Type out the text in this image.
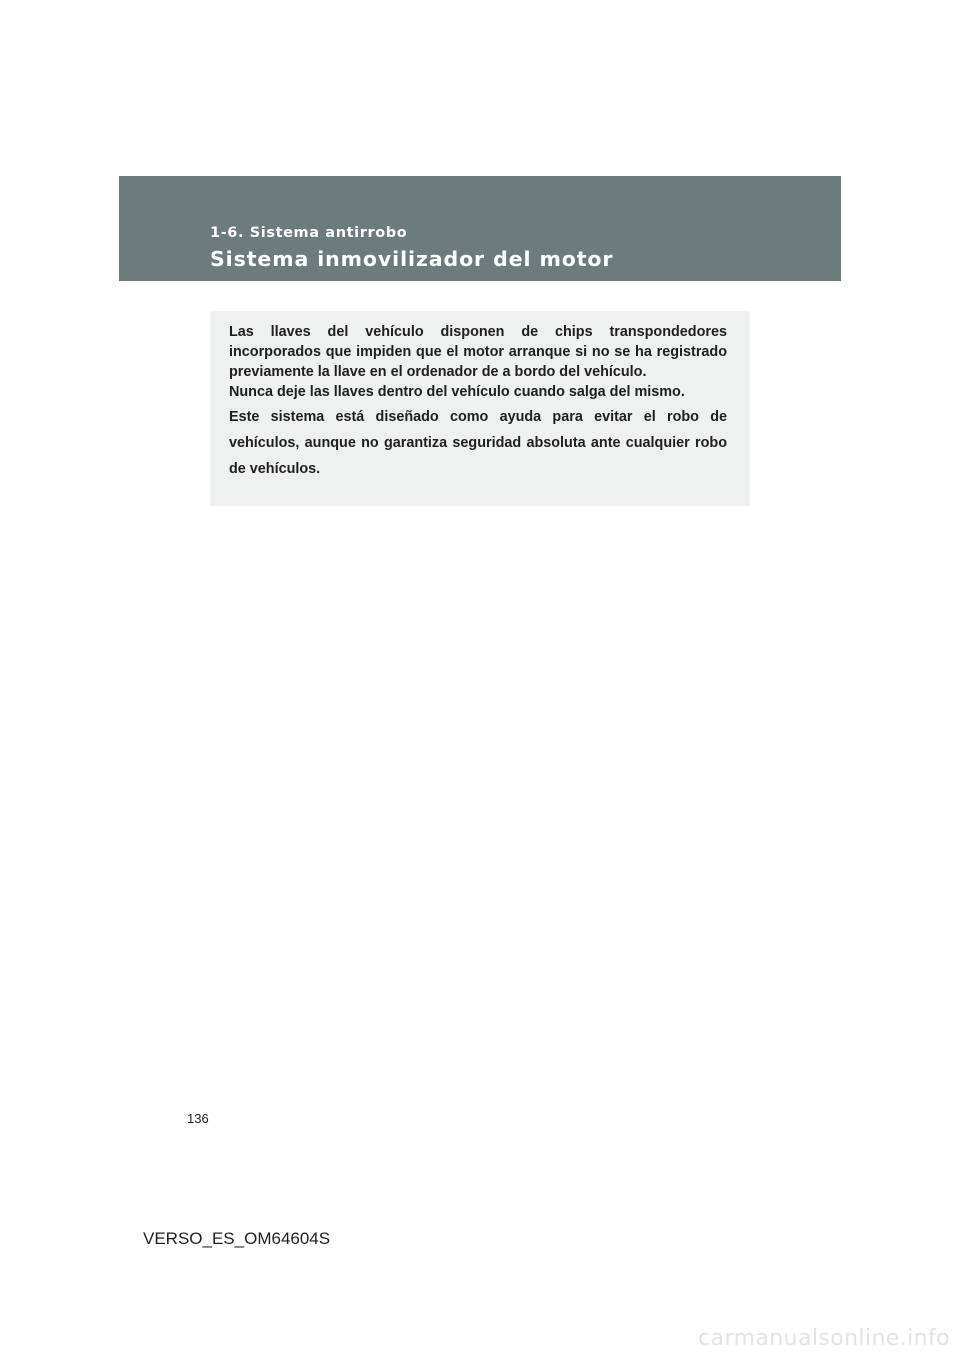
1-6. Sistema antirrobo
Sistema inmovilizador del motor

Las llaves del vehículo disponen de chips transpondedores incorporados que impiden que el motor arranque si no se ha registrado previamente la llave en el ordenador de a bordo del vehículo.

Nunca deje las llaves dentro del vehículo cuando salga del mismo.

Este sistema está diseñado como ayuda para evitar el robo de vehículos, aunque no garantiza seguridad absoluta ante cualquier robo de vehículos.

136
VERSO_ES_OM64604S
carmanualsonline.info
